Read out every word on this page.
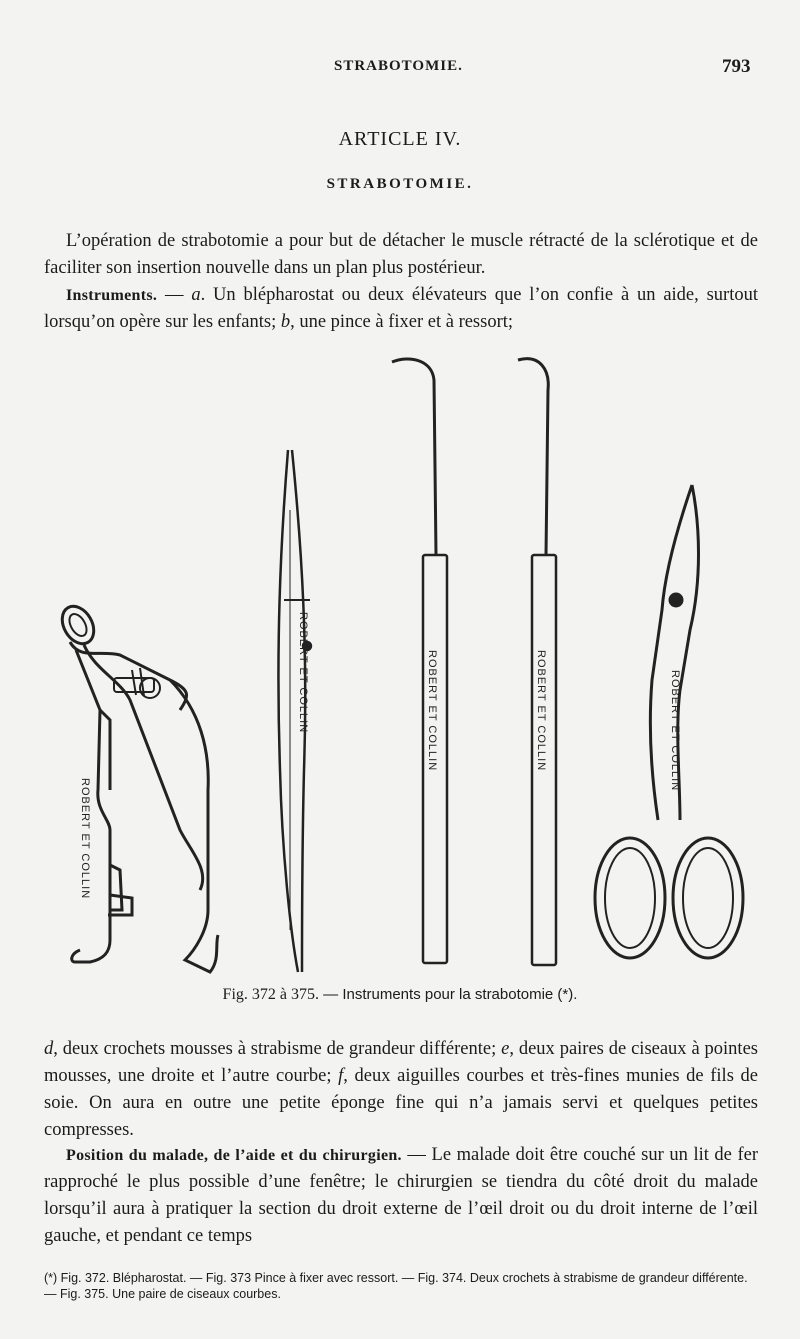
STRABOTOMIE.	793
ARTICLE IV.
STRABOTOMIE.

L’opération de strabotomie a pour but de détacher le muscle rétracté de la sclérotique et de faciliter son insertion nouvelle dans un plan plus postérieur.

Instruments. — a. Un blépharostat ou deux élévateurs que l’on confie à un aide, surtout lorsqu’on opère sur les enfants; b, une pince à fixer et à ressort;

ROBERT ET COLLIN
ROBERT ET COLLIN	ROBERT ET COLLIN	ROBERT ET COLLIN	ROBERT ET COLLIN
Fig. 372 à 375. — Instruments pour la strabotomie (*).

d, deux crochets mousses à strabisme de grandeur différente; e, deux paires de ciseaux à pointes mousses, une droite et l’autre courbe; f, deux aiguilles courbes et très-fines munies de fils de soie. On aura en outre une petite éponge fine qui n’a jamais servi et quelques petites compresses.

Position du malade, de l’aide et du chirurgien. — Le malade doit être couché sur un lit de fer rapproché le plus possible d’une fenêtre; le chirurgien se tiendra du côté droit du malade lorsqu’il aura à pratiquer la section du droit externe de l’œil droit ou du droit interne de l’œil gauche, et pendant ce temps

(*) Fig. 372. Blépharostat. — Fig. 373 Pince à fixer avec ressort. — Fig. 374. Deux crochets à strabisme de grandeur différente. — Fig. 375. Une paire de ciseaux courbes.
